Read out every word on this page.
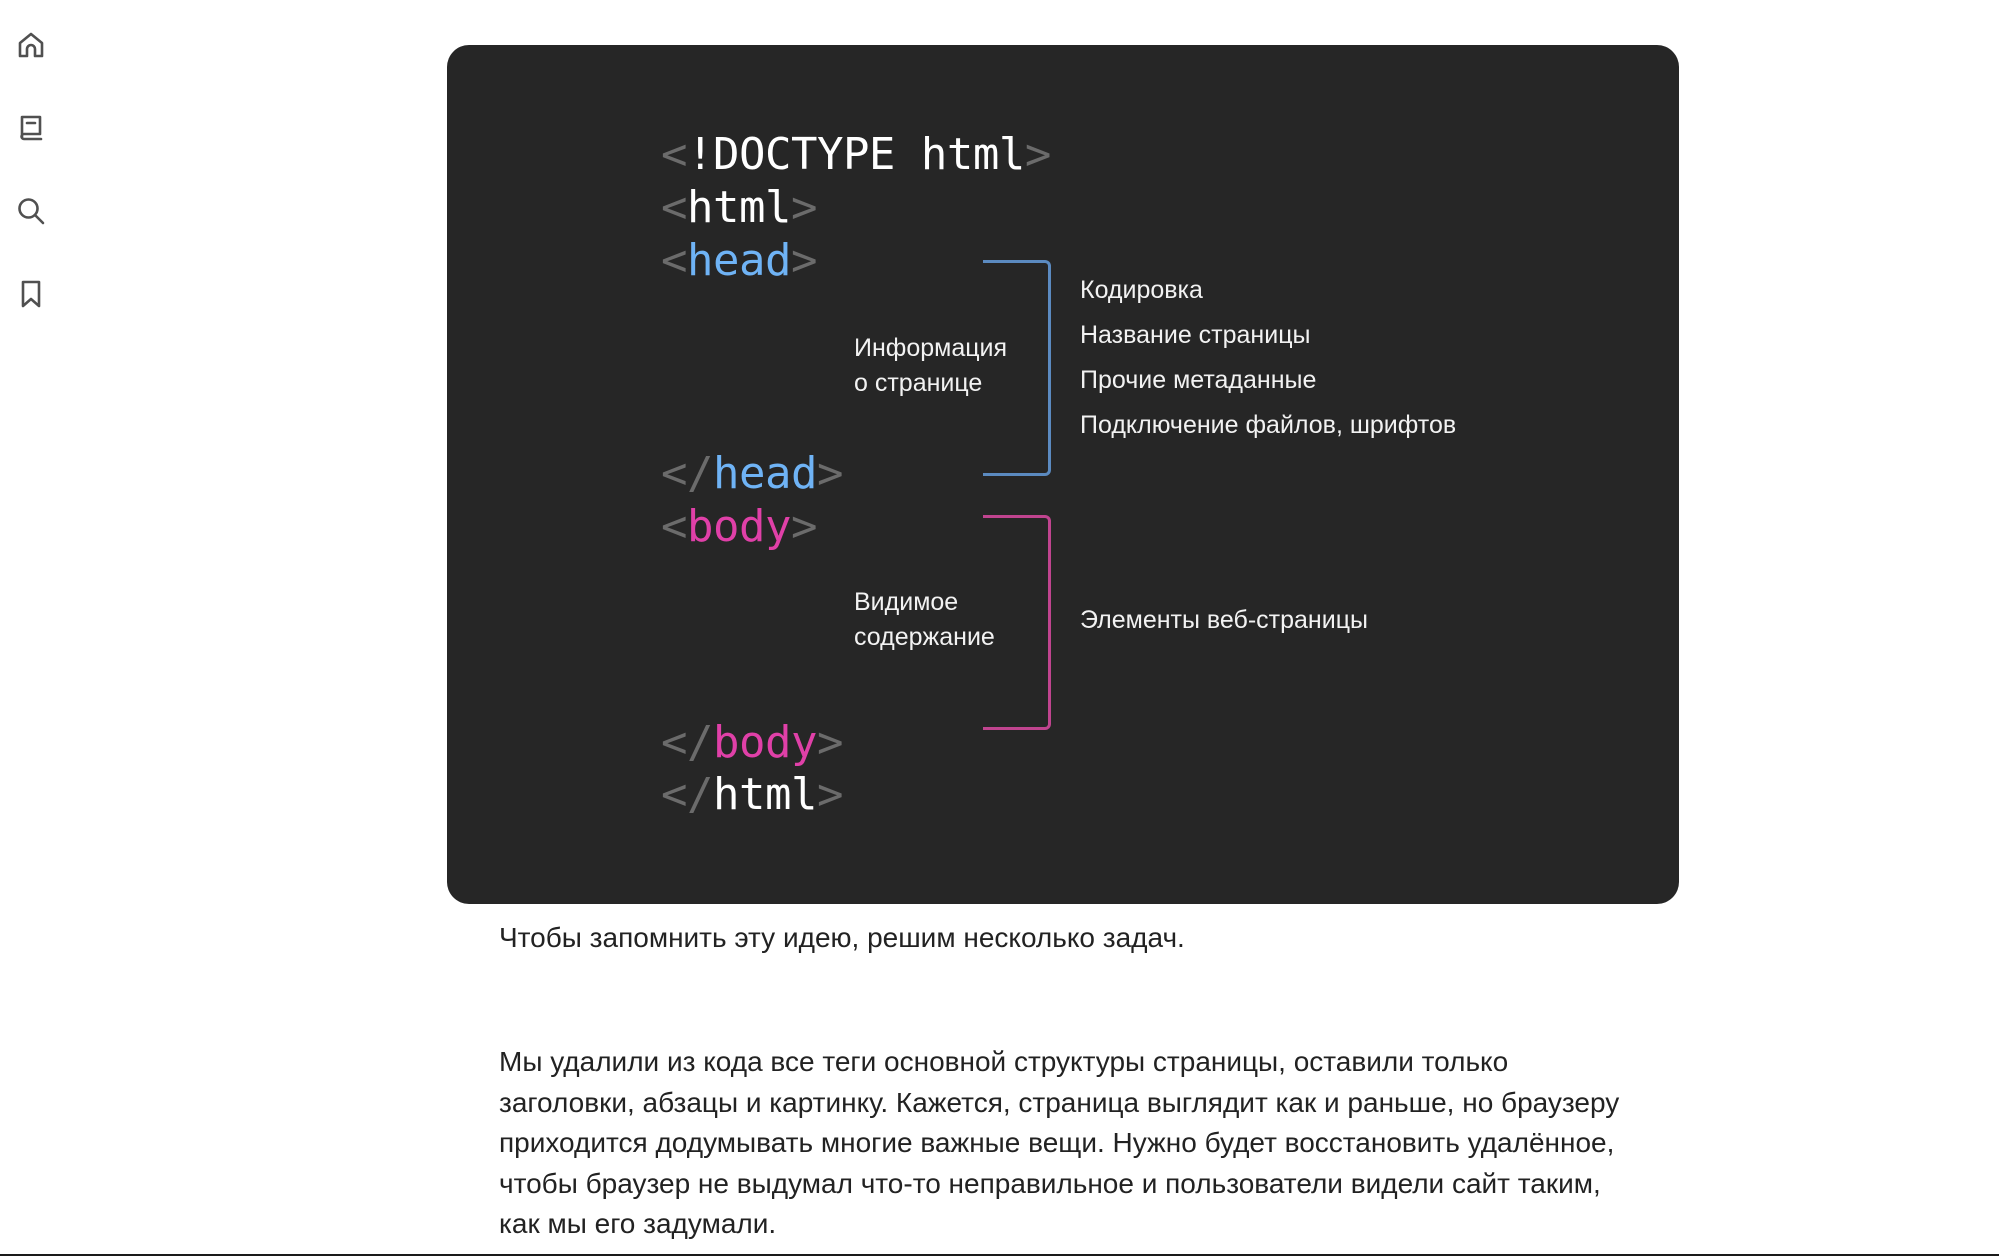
<!DOCTYPE html>
<html>
<head>
Информация
о странице
Кодировка
Название страницы
Прочие метаданные
Подключение файлов, шрифтов
</head>
<body>
Видимое
содержание
Элементы веб-страницы
</body>
</html>

Чтобы запомнить эту идею, решим несколько задач.

Мы удалили из кода все теги основной структуры страницы, оставили только заголовки, абзацы и картинку. Кажется, страница выглядит как и раньше, но браузеру приходится додумывать многие важные вещи. Нужно будет восстановить удалённое, чтобы браузер не выдумал что-то неправильное и пользователи видели сайт таким, как мы его задумали.
